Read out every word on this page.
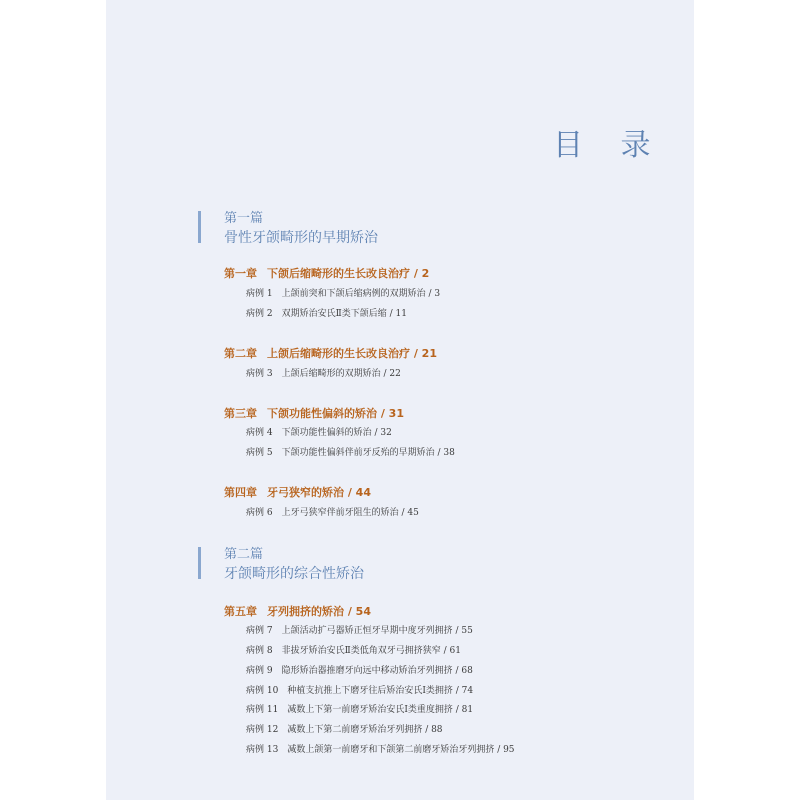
目 录
第一篇
骨性牙颌畸形的早期矫治
第一章 下颌后缩畸形的生长改良治疗 / 2
病例 1 上颌前突和下颌后缩病例的双期矫治 / 3
病例 2 双期矫治安氏Ⅱ类下颌后缩 / 11
第二章 上颌后缩畸形的生长改良治疗 / 21
病例 3 上颌后缩畸形的双期矫治 / 22
第三章 下颌功能性偏斜的矫治 / 31
病例 4 下颌功能性偏斜的矫治 / 32
病例 5 下颌功能性偏斜伴前牙反殆的早期矫治 / 38
第四章 牙弓狭窄的矫治 / 44
病例 6 上牙弓狭窄伴前牙阻生的矫治 / 45
第二篇
牙颌畸形的综合性矫治
第五章 牙列拥挤的矫治 / 54
病例 7 上颌活动扩弓器矫正恒牙早期中度牙列拥挤 / 55
病例 8 非拔牙矫治安氏Ⅱ类低角双牙弓拥挤狭窄 / 61
病例 9 隐形矫治器推磨牙向远中移动矫治牙列拥挤 / 68
病例 10 种植支抗推上下磨牙往后矫治安氏Ⅰ类拥挤 / 74
病例 11 减数上下第一前磨牙矫治安氏Ⅰ类重度拥挤 / 81
病例 12 减数上下第二前磨牙矫治牙列拥挤 / 88
病例 13 减数上颌第一前磨牙和下颌第二前磨牙矫治牙列拥挤 / 95
